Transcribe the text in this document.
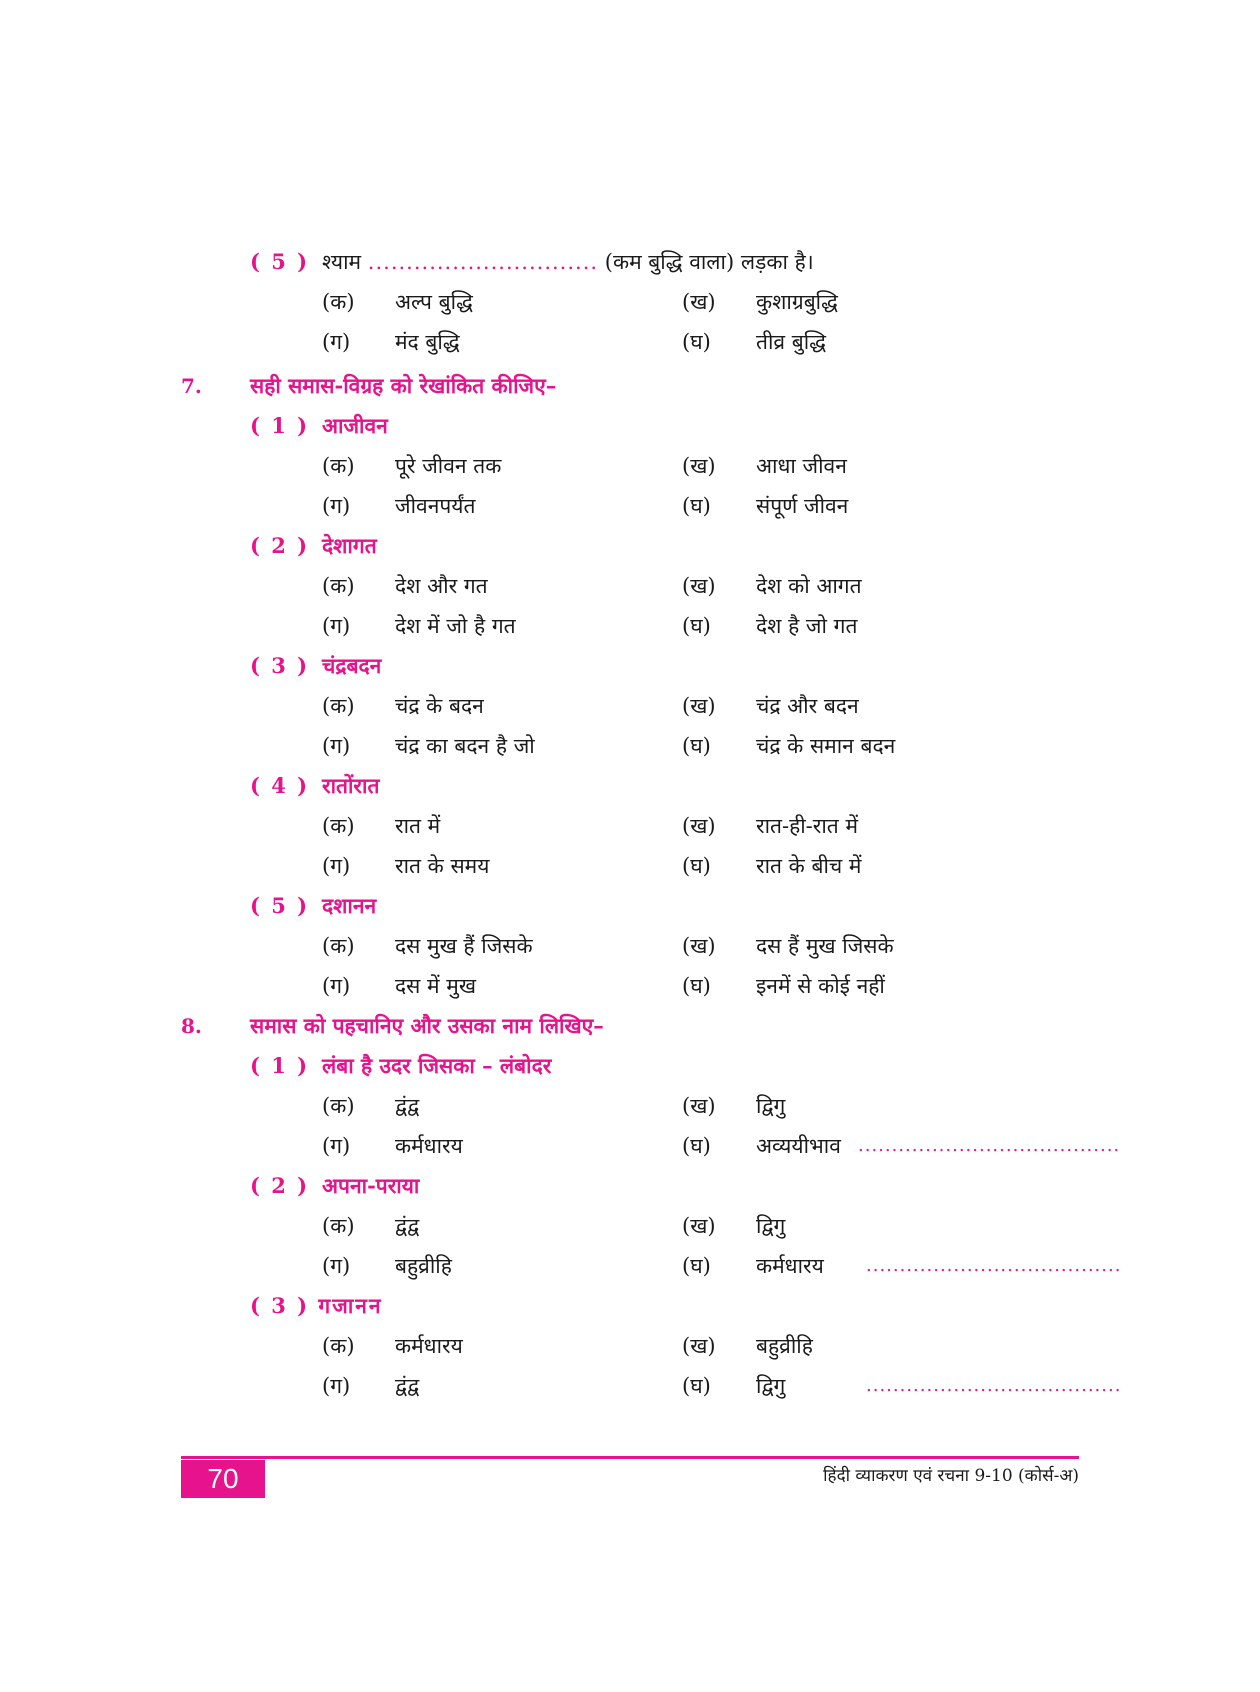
( 5 ) श्याम .............................. (कम बुद्धि वाला) लड़का है।
(क) अल्प बुद्धि	(ख) कुशाग्रबुद्धि
(ग) मंद बुद्धि	(घ) तीव्र बुद्धि
7. सही समास-विग्रह को रेखांकित कीजिए–
( 1 ) आजीवन
(क) पूरे जीवन तक	(ख) आधा जीवन
(ग) जीवनपर्यंत	(घ) संपूर्ण जीवन
( 2 ) देशागत
(क) देश और गत	(ख) देश को आगत
(ग) देश में जो है गत	(घ) देश है जो गत
( 3 ) चंद्रबदन
(क) चंद्र के बदन	(ख) चंद्र और बदन
(ग) चंद्र का बदन है जो	(घ) चंद्र के समान बदन
( 4 ) रातोंरात
(क) रात में	(ख) रात-ही-रात में
(ग) रात के समय	(घ) रात के बीच में
( 5 ) दशानन
(क) दस मुख हैं जिसके	(ख) दस हैं मुख जिसके
(ग) दस में मुख	(घ) इनमें से कोई नहीं
8. समास को पहचानिए और उसका नाम लिखिए–
( 1 ) लंबा है उदर जिसका – लंबोदर
(क) द्वंद्व	(ख) द्विगु
(ग) कर्मधारय	(घ) अव्ययीभाव .......................................
( 2 ) अपना-पराया
(क) द्वंद्व	(ख) द्विगु
(ग) बहुव्रीहि	(घ) कर्मधारय ......................................
( 3 ) गजानन
(क) कर्मधारय	(ख) बहुव्रीहि
(ग) द्वंद्व	(घ) द्विगु	......................................
70	हिंदी व्याकरण एवं रचना 9-10 (कोर्स-अ)
